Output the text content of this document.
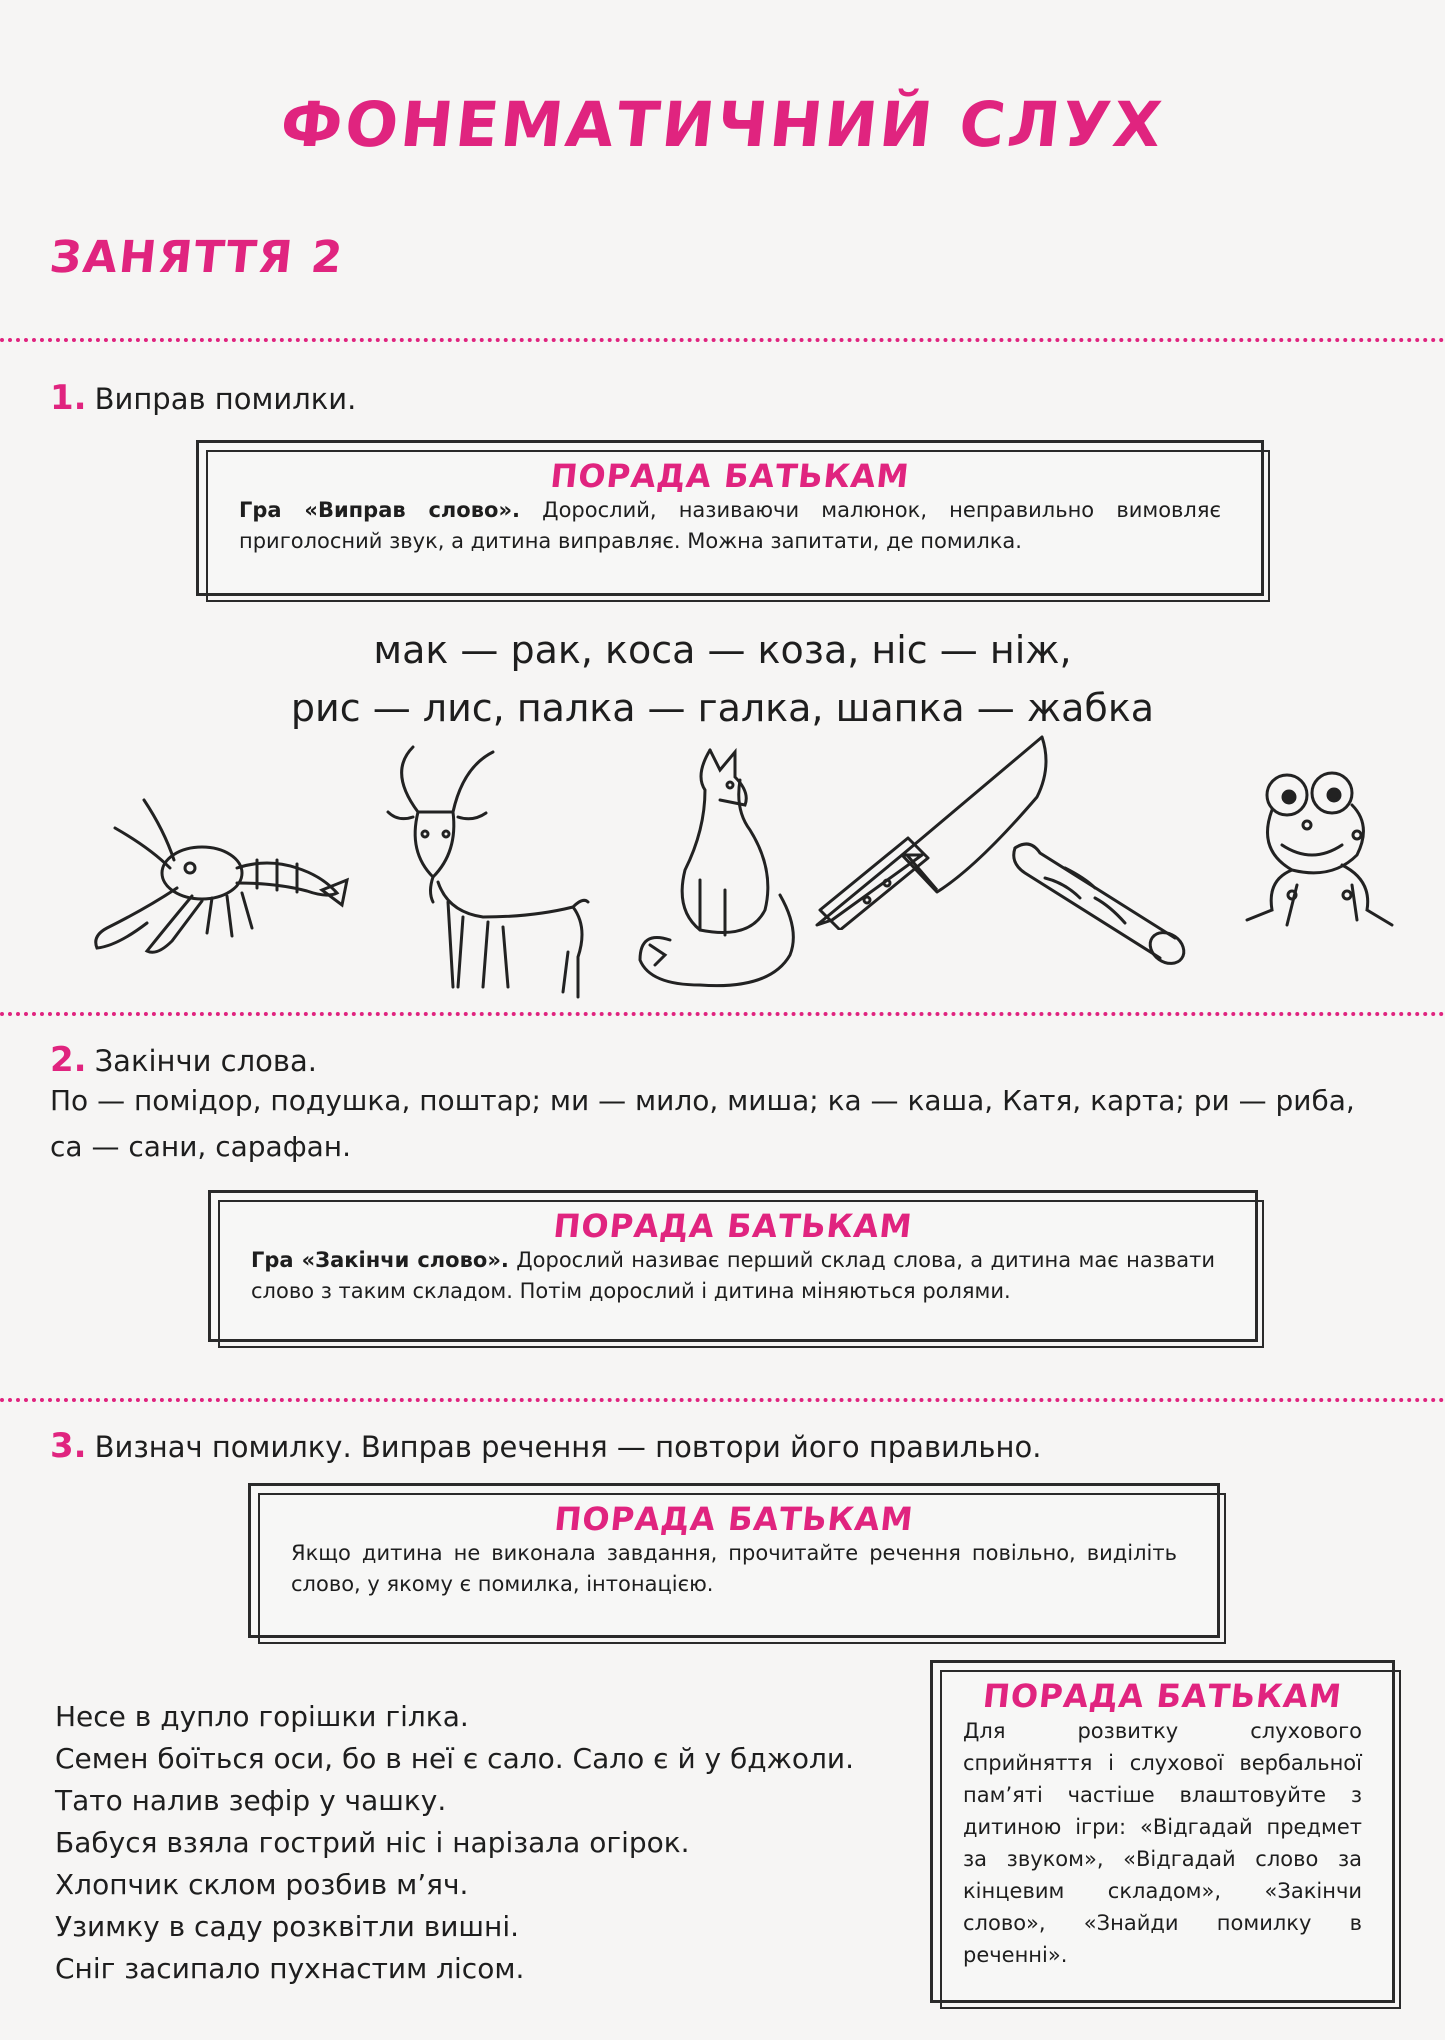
ФОНЕМАТИЧНИЙ СЛУХ
ЗАНЯТТЯ 2
1. Виправ помилки.
ПОРАДА БАТЬКАМ
Гра «Виправ слово». Дорослий, називаючи малюнок, неправильно вимовляє приголосний звук, а дитина виправляє. Можна запитати, де помилка.
мак — рак, коса — коза, ніс — ніж,
рис — лис, палка — галка, шапка — жабка
2. Закінчи слова.
По — помідор, подушка, поштар; ми — мило, миша; ка — каша, Катя, карта; ри — риба,
са — сани, сарафан.
ПОРАДА БАТЬКАМ
Гра «Закінчи слово». Дорослий називає перший склад слова, а дитина має назвати слово з таким складом. Потім дорослий і дитина міняються ролями.
3. Визнач помилку. Виправ речення — повтори його правильно.
ПОРАДА БАТЬКАМ
Якщо дитина не виконала завдання, прочитайте речення повільно, виділіть слово, у якому є помилка, інтонацією.
Несе в дупло горішки гілка.
Семен боїться оси, бо в неї є сало. Сало є й у бджоли.
Тато налив зефір у чашку.
Бабуся взяла гострий ніс і нарізала огірок.
Хлопчик склом розбив м’яч.
Узимку в саду розквітли вишні.
Сніг засипало пухнастим лісом.
ПОРАДА БАТЬКАМ
Для розвитку слухового сприйняття і слухової вербальної пам’яті частіше влаштовуйте з дитиною ігри: «Відгадай предмет за звуком», «Відгадай слово за кінцевим складом», «Закінчи слово», «Знайди помилку в реченні».
